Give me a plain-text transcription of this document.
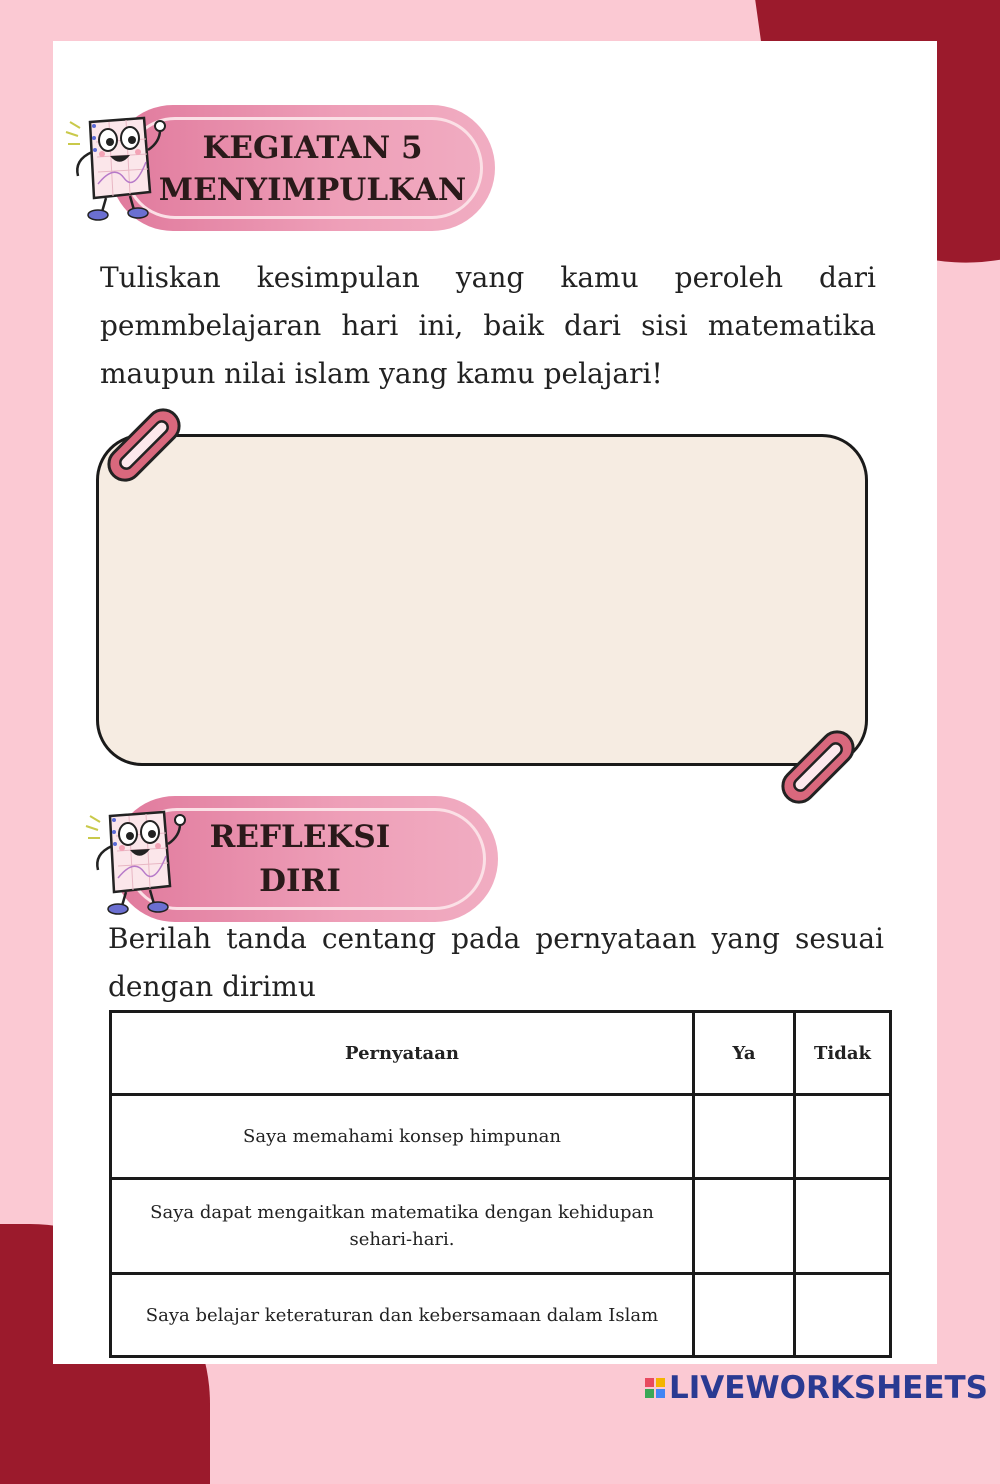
KEGIATAN 5
MENYIMPULKAN

Tuliskan kesimpulan yang kamu peroleh dari pemmbelajaran hari ini, baik dari sisi matematika maupun nilai islam yang kamu pelajari!

REFLEKSI
DIRI

Berilah tanda centang pada pernyataan yang sesuai dengan dirimu

Pernyataan	Ya	Tidak
Saya memahami konsep himpunan		
Saya dapat mengaitkan matematika dengan kehidupan sehari-hari.		
Saya belajar keteraturan dan kebersamaan dalam Islam		
LIVEWORKSHEETS
